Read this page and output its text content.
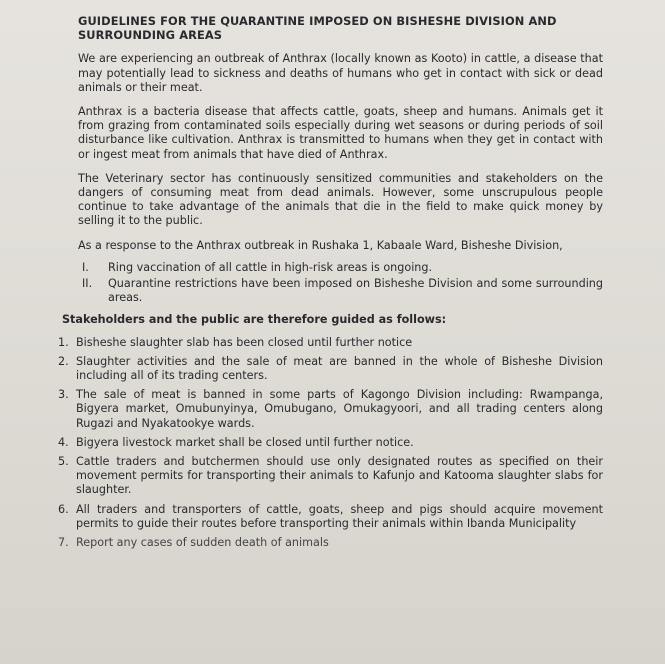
GUIDELINES FOR THE QUARANTINE IMPOSED ON BISHESHE DIVISION AND SURROUNDING AREAS

We are experiencing an outbreak of Anthrax (locally known as Kooto) in cattle, a disease that may potentially lead to sickness and deaths of humans who get in contact with sick or dead animals or their meat.

Anthrax is a bacteria disease that affects cattle, goats, sheep and humans. Animals get it from grazing from contaminated soils especially during wet seasons or during periods of soil disturbance like cultivation. Anthrax is transmitted to humans when they get in contact with or ingest meat from animals that have died of Anthrax.

The Veterinary sector has continuously sensitized communities and stakeholders on the dangers of consuming meat from dead animals. However, some unscrupulous people continue to take advantage of the animals that die in the field to make quick money by selling it to the public.

As a response to the Anthrax outbreak in Rushaka 1, Kabaale Ward, Bisheshe Division,

I.	Ring vaccination of all cattle in high-risk areas is ongoing.
II.	Quarantine restrictions have been imposed on Bisheshe Division and some surrounding areas.
Stakeholders and the public are therefore guided as follows:
1. Bisheshe slaughter slab has been closed until further notice
2. Slaughter activities and the sale of meat are banned in the whole of Bisheshe Division including all of its trading centers.
3. The sale of meat is banned in some parts of Kagongo Division including: Rwampanga, Bigyera market, Omubunyinya, Omubugano, Omukagyoori, and all trading centers along Rugazi and Nyakatookye wards.
4. Bigyera livestock market shall be closed until further notice.
5. Cattle traders and butchermen should use only designated routes as specified on their movement permits for transporting their animals to Kafunjo and Katooma slaughter slabs for slaughter.
6. All traders and transporters of cattle, goats, sheep and pigs should acquire movement permits to guide their routes before transporting their animals within Ibanda Municipality
7. Report any cases of sudden death of animals
